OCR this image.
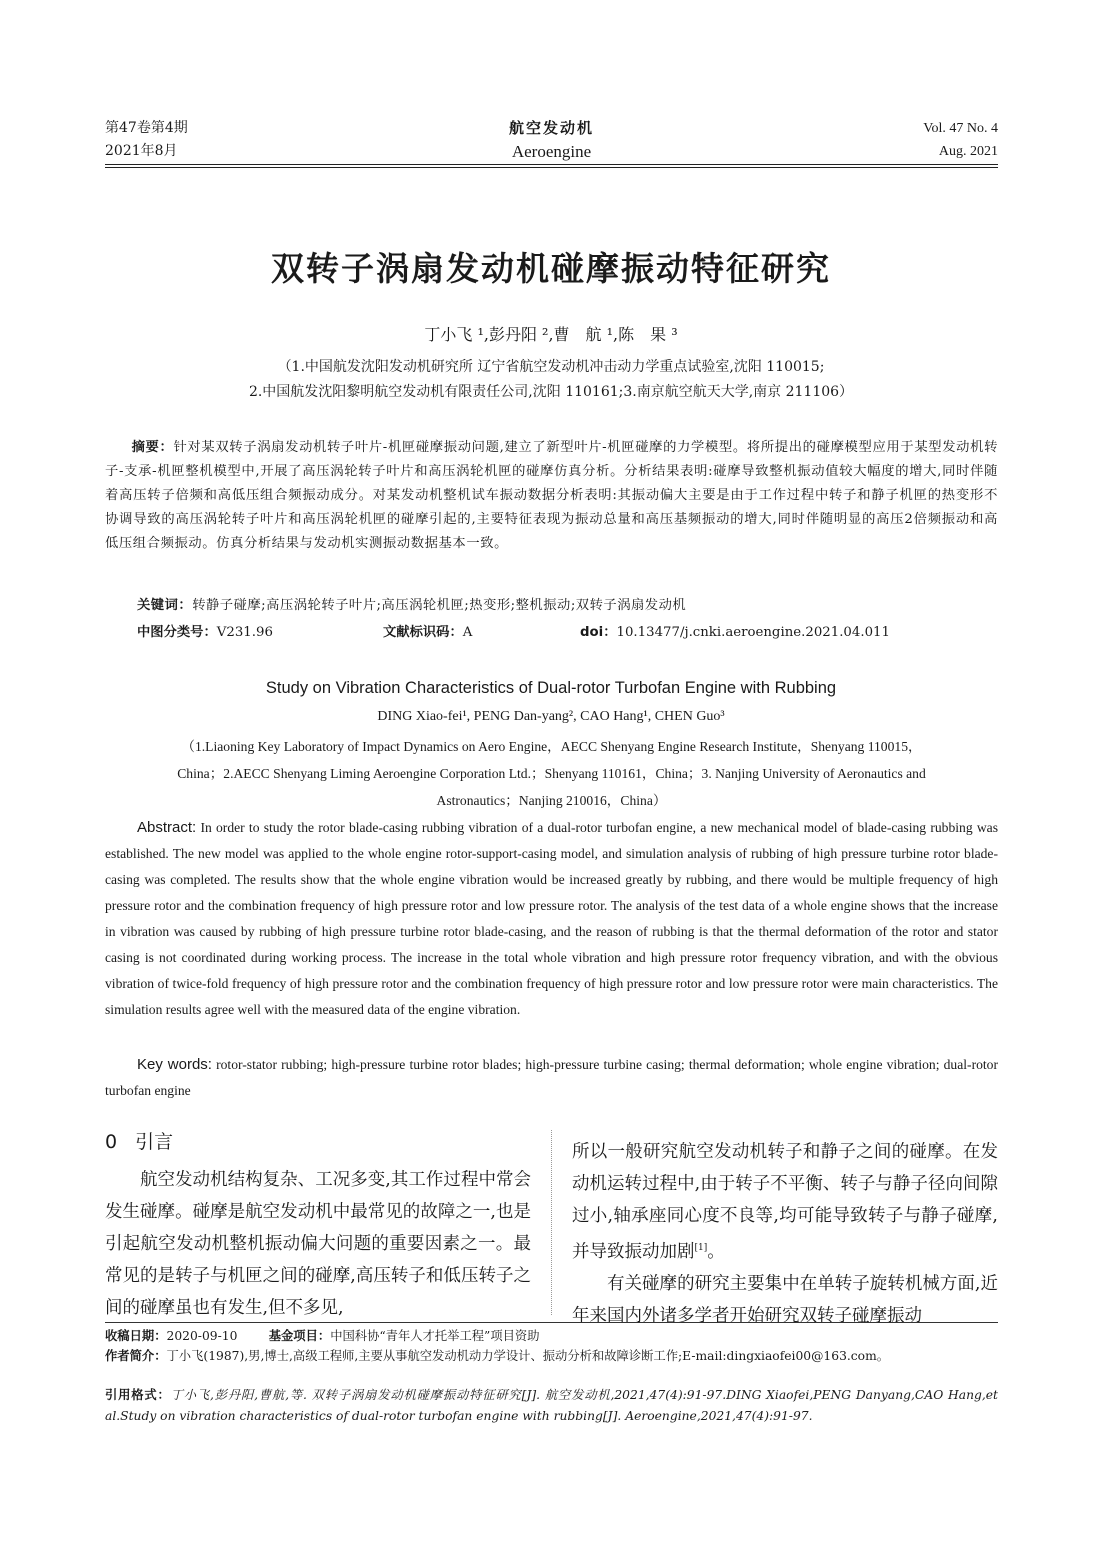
第47卷第4期
2021年8月
航空发动机
Aeroengine
Vol. 47 No. 4
Aug. 2021
双转子涡扇发动机碰摩振动特征研究
丁小飞 ¹,彭丹阳 ²,曹　航 ¹,陈　果 ³
（1.中国航发沈阳发动机研究所 辽宁省航空发动机冲击动力学重点试验室,沈阳 110015;
2.中国航发沈阳黎明航空发动机有限责任公司,沈阳 110161;3.南京航空航天大学,南京 211106）
摘要：针对某双转子涡扇发动机转子叶片-机匣碰摩振动问题,建立了新型叶片-机匣碰摩的力学模型。将所提出的碰摩模型应用于某型发动机转子-支承-机匣整机模型中,开展了高压涡轮转子叶片和高压涡轮机匣的碰摩仿真分析。分析结果表明:碰摩导致整机振动值较大幅度的增大,同时伴随着高压转子倍频和高低压组合频振动成分。对某发动机整机试车振动数据分析表明:其振动偏大主要是由于工作过程中转子和静子机匣的热变形不协调导致的高压涡轮转子叶片和高压涡轮机匣的碰摩引起的,主要特征表现为振动总量和高压基频振动的增大,同时伴随明显的高压2倍频振动和高低压组合频振动。仿真分析结果与发动机实测振动数据基本一致。
关键词：转静子碰摩;高压涡轮转子叶片;高压涡轮机匣;热变形;整机振动;双转子涡扇发动机
中图分类号：V231.96	文献标识码：A	doi：10.13477/j.cnki.aeroengine.2021.04.011
Study on Vibration Characteristics of Dual-rotor Turbofan Engine with Rubbing
DING Xiao-fei¹, PENG Dan-yang², CAO Hang¹, CHEN Guo³
（1.Liaoning Key Laboratory of Impact Dynamics on Aero Engine，AECC Shenyang Engine Research Institute，Shenyang 110015，
China；2.AECC Shenyang Liming Aeroengine Corporation Ltd.；Shenyang 110161，China；3. Nanjing University of Aeronautics and
Astronautics；Nanjing 210016，China）
Abstract: In order to study the rotor blade-casing rubbing vibration of a dual-rotor turbofan engine, a new mechanical model of blade-casing rubbing was established. The new model was applied to the whole engine rotor-support-casing model, and simulation analysis of rubbing of high pressure turbine rotor blade-casing was completed. The results show that the whole engine vibration would be increased greatly by rubbing, and there would be multiple frequency of high pressure rotor and the combination frequency of high pressure rotor and low pressure rotor. The analysis of the test data of a whole engine shows that the increase in vibration was caused by rubbing of high pressure turbine rotor blade-casing, and the reason of rubbing is that the thermal deformation of the rotor and stator casing is not coordinated during working process. The increase in the total whole vibration and high pressure rotor frequency vibration, and with the obvious vibration of twice-fold frequency of high pressure rotor and the combination frequency of high pressure rotor and low pressure rotor were main characteristics. The simulation results agree well with the measured data of the engine vibration.
Key words: rotor-stator rubbing; high-pressure turbine rotor blades; high-pressure turbine casing; thermal deformation; whole engine vibration; dual-rotor turbofan engine
0 引言

航空发动机结构复杂、工况多变,其工作过程中常会发生碰摩。碰摩是航空发动机中最常见的故障之一,也是引起航空发动机整机振动偏大问题的重要因素之一。最常见的是转子与机匣之间的碰摩,高压转子和低压转子之间的碰摩虽也有发生,但不多见,

所以一般研究航空发动机转子和静子之间的碰摩。在发动机运转过程中,由于转子不平衡、转子与静子径向间隙过小,轴承座同心度不良等,均可能导致转子与静子碰摩,并导致振动加剧[1]。

有关碰摩的研究主要集中在单转子旋转机械方面,近年来国内外诸多学者开始研究双转子碰摩振动

收稿日期：2020-09-10	基金项目：中国科协“青年人才托举工程”项目资助
作者简介：丁小飞(1987),男,博士,高级工程师,主要从事航空发动机动力学设计、振动分析和故障诊断工作;E-mail:dingxiaofei00@163.com。
引用格式：丁小飞,彭丹阳,曹航,等. 双转子涡扇发动机碰摩振动特征研究[J]. 航空发动机,2021,47(4):91-97.DING Xiaofei,PENG Danyang,CAO Hang,et al.Study on vibration characteristics of dual-rotor turbofan engine with rubbing[J]. Aeroengine,2021,47(4):91-97.
